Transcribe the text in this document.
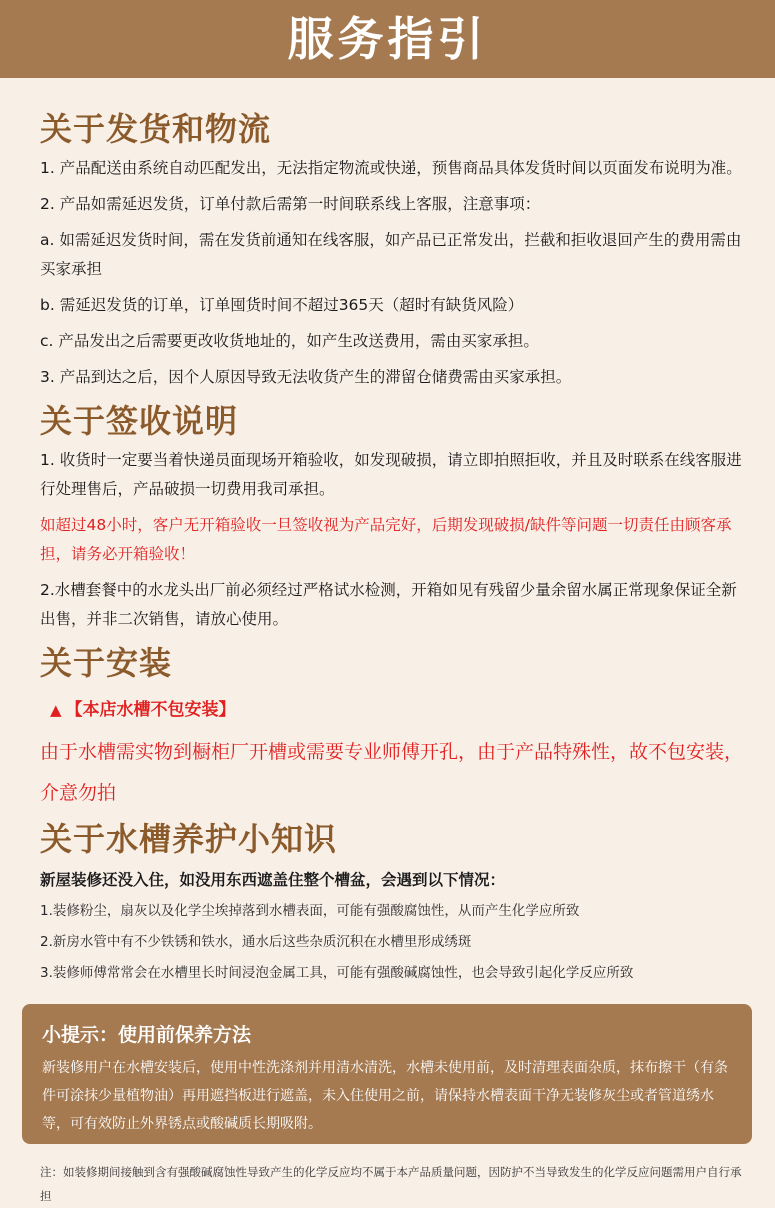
服务指引
关于发货和物流

1. 产品配送由系统自动匹配发出，无法指定物流或快递，预售商品具体发货时间以页面发布说明为准。

2. 产品如需延迟发货，订单付款后需第一时间联系线上客服，注意事项：

a. 如需延迟发货时间，需在发货前通知在线客服，如产品已正常发出，拦截和拒收退回产生的费用需由买家承担

b. 需延迟发货的订单，订单囤货时间不超过365天（超时有缺货风险）

c. 产品发出之后需要更改收货地址的，如产生改送费用，需由买家承担。

3. 产品到达之后，因个人原因导致无法收货产生的滞留仓储费需由买家承担。

关于签收说明

1. 收货时一定要当着快递员面现场开箱验收，如发现破损，请立即拍照拒收，并且及时联系在线客服进行处理售后，产品破损一切费用我司承担。

如超过48小时，客户无开箱验收一旦签收视为产品完好，后期发现破损/缺件等问题一切责任由顾客承担，请务必开箱验收！

2.水槽套餐中的水龙头出厂前必须经过严格试水检测，开箱如见有残留少量余留水属正常现象保证全新出售，并非二次销售，请放心使用。

关于安装

▲ 【本店水槽不包安装】

由于水槽需实物到橱柜厂开槽或需要专业师傅开孔，由于产品特殊性，故不包安装，介意勿拍

关于水槽养护小知识

新屋装修还没入住，如没用东西遮盖住整个槽盆，会遇到以下情况：

1.装修粉尘，扇灰以及化学尘埃掉落到水槽表面，可能有强酸腐蚀性，从而产生化学应所致

2.新房水管中有不少铁锈和铁水，通水后这些杂质沉积在水槽里形成绣斑

3.装修师傅常常会在水槽里长时间浸泡金属工具，可能有强酸碱腐蚀性，也会导致引起化学反应所致

小提示：使用前保养方法

新装修用户在水槽安装后，使用中性洗涤剂并用清水清洗，水槽未使用前，及时清理表面杂质，抹布擦干（有条件可涂抹少量植物油）再用遮挡板进行遮盖，未入住使用之前，请保持水槽表面干净无装修灰尘或者管道绣水等，可有效防止外界锈点或酸碱质长期吸附。

注：如装修期间接触到含有强酸碱腐蚀性导致产生的化学反应均不属于本产品质量问题，因防护不当导致发生的化学反应问题需用户自行承担
